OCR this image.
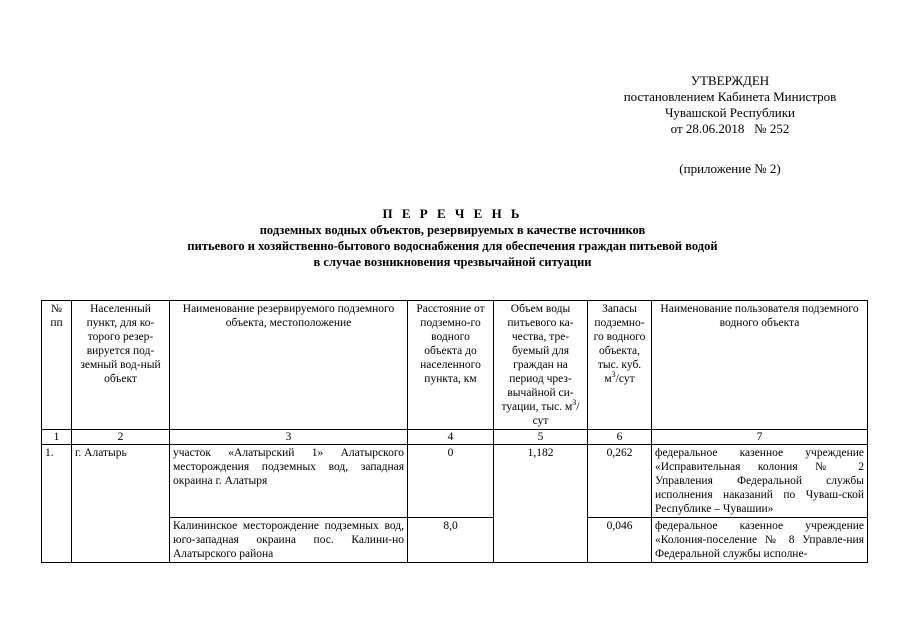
УТВЕРЖДЕН
постановлением Кабинета Министров
Чувашской Республики
от 28.06.2018   № 252
(приложение № 2)
П Е Р Е Ч Е Н Ь
подземных водных объектов, резервируемых в качестве источников
питьевого и хозяйственно-бытового водоснабжения для обеспечения граждан питьевой водой
в случае возникновения чрезвычайной ситуации
№ пп	Населенный пункт, для ко-торого резер-вируется под-земный вод-ный объект	Наименование резервируемого подземного объекта, местоположение	Расстояние от подземно-го водного объекта до населенного пункта, км	Объем воды питьевого ка-чества, тре-буемый для граждан на период чрез-вычайной си-туации, тыс. $м^3$/сут	Запасы подземно-го водного объекта, тыс. куб. $м^3$/сут	Наименование пользователя подземного водного объекта
1	2	3	4	5	6	7
1.	г. Алатырь	участок «Алатырский 1» Алатырского месторождения подземных вод, западная окраина г. Алатыря	0	1,182	0,262	федеральное казенное учреждение «Исправительная колония № 2 Управления Федеральной службы исполнения наказаний по Чуваш-ской Республике – Чувашии»
		Калининское месторождение подземных вод, юго-западная окраина пос. Калини-но Алатырского района	8,0		0,046	федеральное казенное учреждение «Колония-поселение № 8 Управле-ния Федеральной службы исполне-
